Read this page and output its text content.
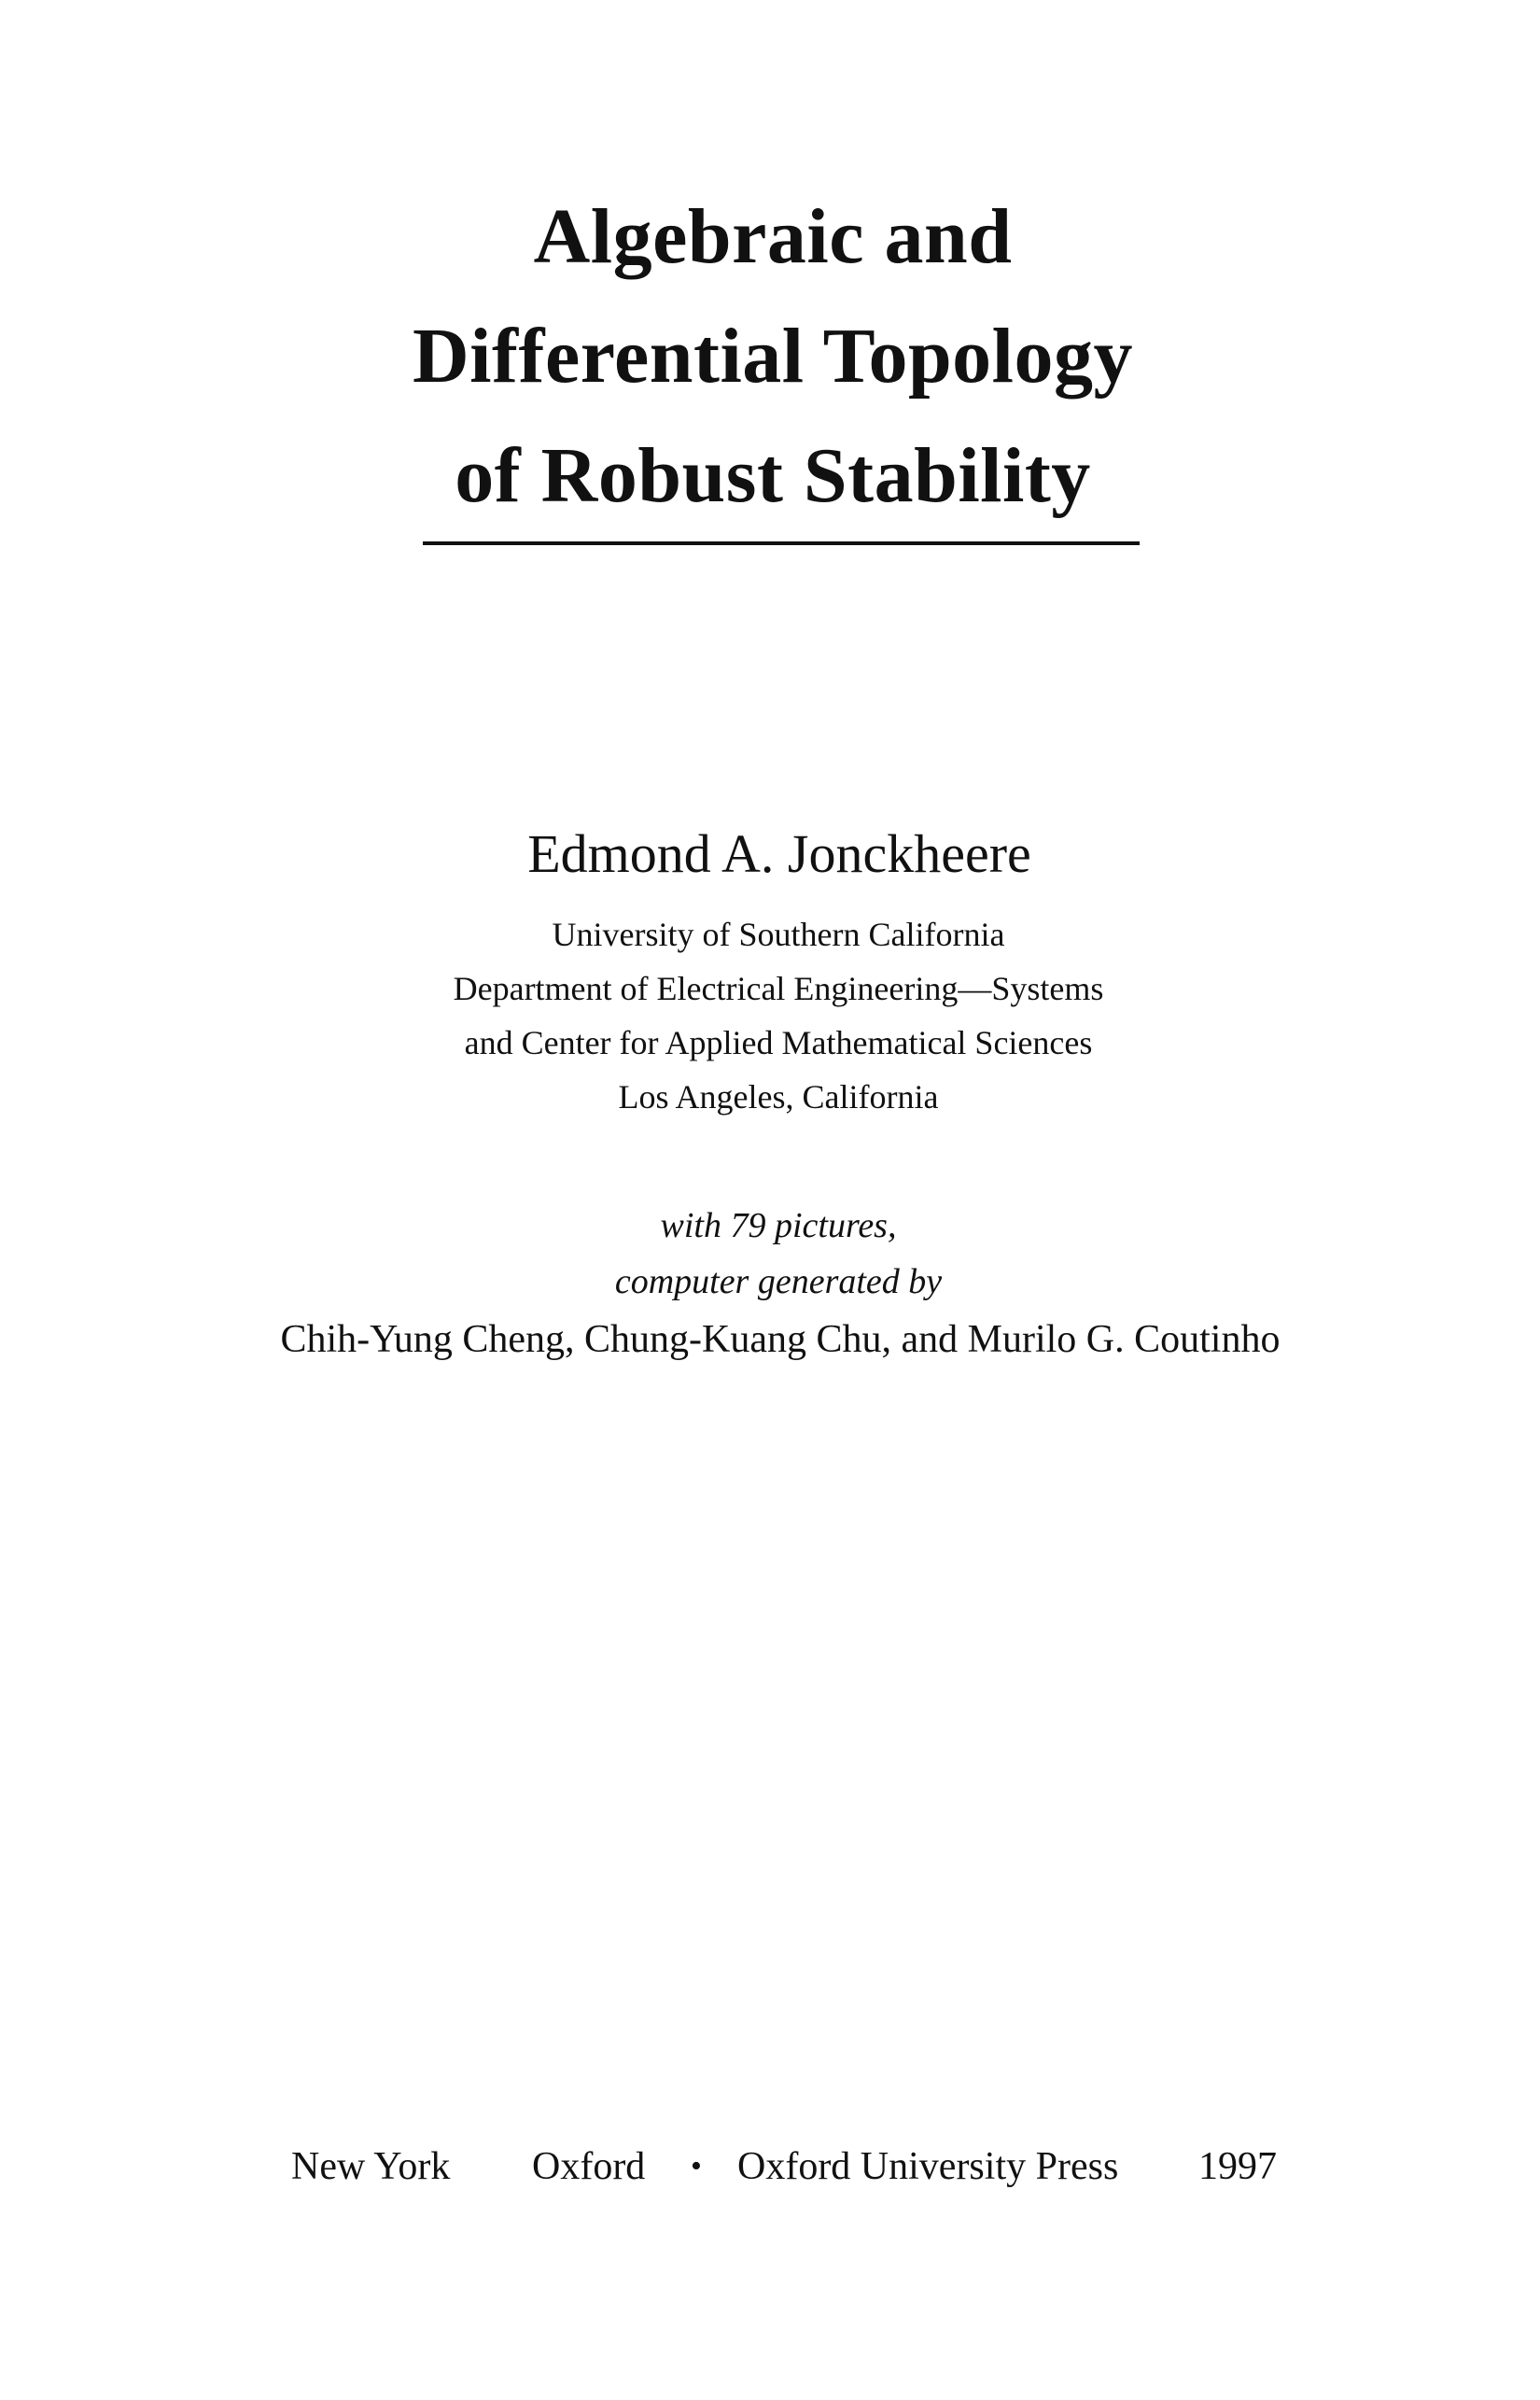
Algebraic and
Differential Topology
of Robust Stability
Edmond A. Jonckheere
University of Southern California
Department of Electrical Engineering—Systems
and Center for Applied Mathematical Sciences
Los Angeles, California
with 79 pictures,
computer generated by
Chih-Yung Cheng, Chung-Kuang Chu, and Murilo G. Coutinho
New York Oxford • Oxford University Press 1997
